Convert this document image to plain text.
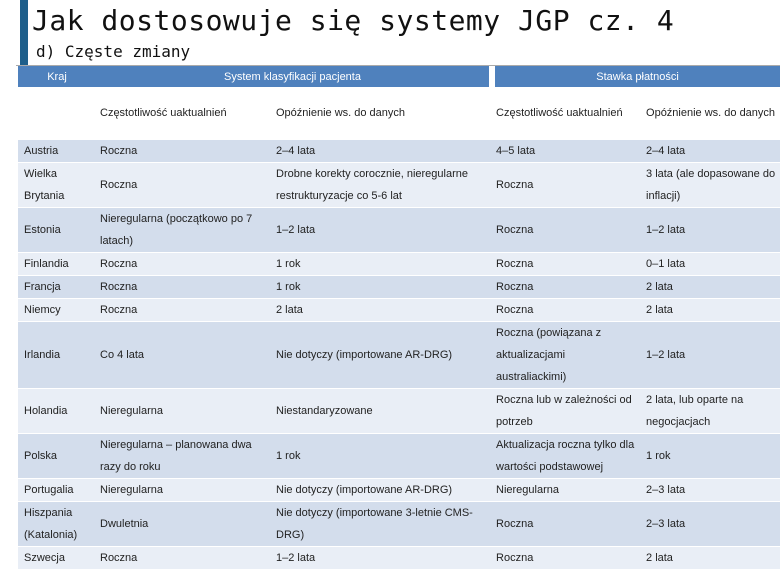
Jak dostosowuje się systemy JGP cz. 4
d) Częste zmiany
Kraj	System klasyfikacji pacjenta		Stawka płatności	
	Częstotliwość uaktualnień	Opóźnienie ws. do danych	Częstotliwość uaktualnień	Opóźnienie ws. do danych
Austria	Roczna	2–4 lata	4–5 lata	2–4 lata
Wielka Brytania	Roczna	Drobne korekty corocznie, nieregularne restrukturyzacje co 5-6 lat	Roczna	3 lata (ale dopasowane do inflacji)
Estonia	Nieregularna (początkowo po 7 latach)	1–2 lata	Roczna	1–2 lata
Finlandia	Roczna	1 rok	Roczna	0–1 lata
Francja	Roczna	1 rok	Roczna	2 lata
Niemcy	Roczna	2 lata	Roczna	2 lata
Irlandia	Co 4 lata	Nie dotyczy (importowane AR-DRG)	Roczna (powiązana z aktualizacjami australiackimi)	1–2 lata
Holandia	Nieregularna	Niestandaryzowane	Roczna lub w zależności od potrzeb	2 lata, lub oparte na negocjacjach
Polska	Nieregularna – planowana dwa razy do roku	1 rok	Aktualizacja roczna tylko dla wartości podstawowej	1 rok
Portugalia	Nieregularna	Nie dotyczy (importowane AR-DRG)	Nieregularna	2–3 lata
Hiszpania (Katalonia)	Dwuletnia	Nie dotyczy (importowane 3-letnie CMS-DRG)	Roczna	2–3 lata
Szwecja	Roczna	1–2 lata	Roczna	2 lata
